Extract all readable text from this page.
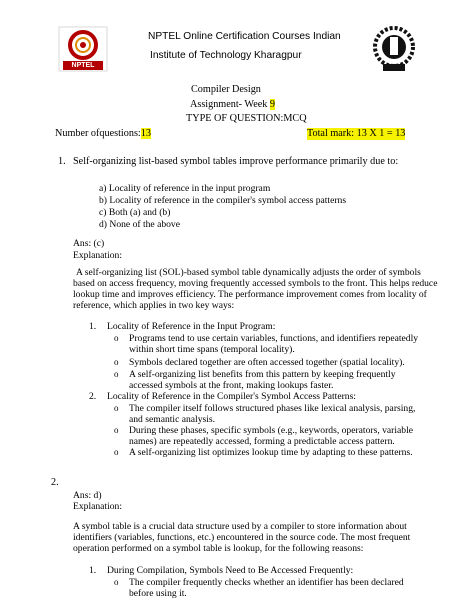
NPTEL
NPTEL Online Certification Courses Indian
Institute of Technology Kharagpur
Compiler Design
Assignment- Week 9
TYPE OF QUESTION:MCQ
Number ofquestions:13	Total mark: 13 X 1 = 13
1. Self-organizing list-based symbol tables improve performance primarily due to:
a) Locality of reference in the input program
b) Locality of reference in the compiler's symbol access patterns
c) Both (a) and (b)
d) None of the above
Ans: (c)
Explanation:
A self-organizing list (SOL)-based symbol table dynamically adjusts the order of symbols based on access frequency, moving frequently accessed symbols to the front. This helps reduce lookup time and improves efficiency. The performance improvement comes from locality of reference, which applies in two key ways:
1. Locality of Reference in the Input Program:
o Programs tend to use certain variables, functions, and identifiers repeatedly within short time spans (temporal locality).
o Symbols declared together are often accessed together (spatial locality).
o A self-organizing list benefits from this pattern by keeping frequently accessed symbols at the front, making lookups faster.
2. Locality of Reference in the Compiler's Symbol Access Patterns:
o The compiler itself follows structured phases like lexical analysis, parsing, and semantic analysis.
o During these phases, specific symbols (e.g., keywords, operators, variable names) are repeatedly accessed, forming a predictable access pattern.
o A self-organizing list optimizes lookup time by adapting to these patterns.
2.
Ans: d)
Explanation:
A symbol table is a crucial data structure used by a compiler to store information about identifiers (variables, functions, etc.) encountered in the source code. The most frequent operation performed on a symbol table is lookup, for the following reasons:
1. During Compilation, Symbols Need to Be Accessed Frequently:
o The compiler frequently checks whether an identifier has been declared before using it.
